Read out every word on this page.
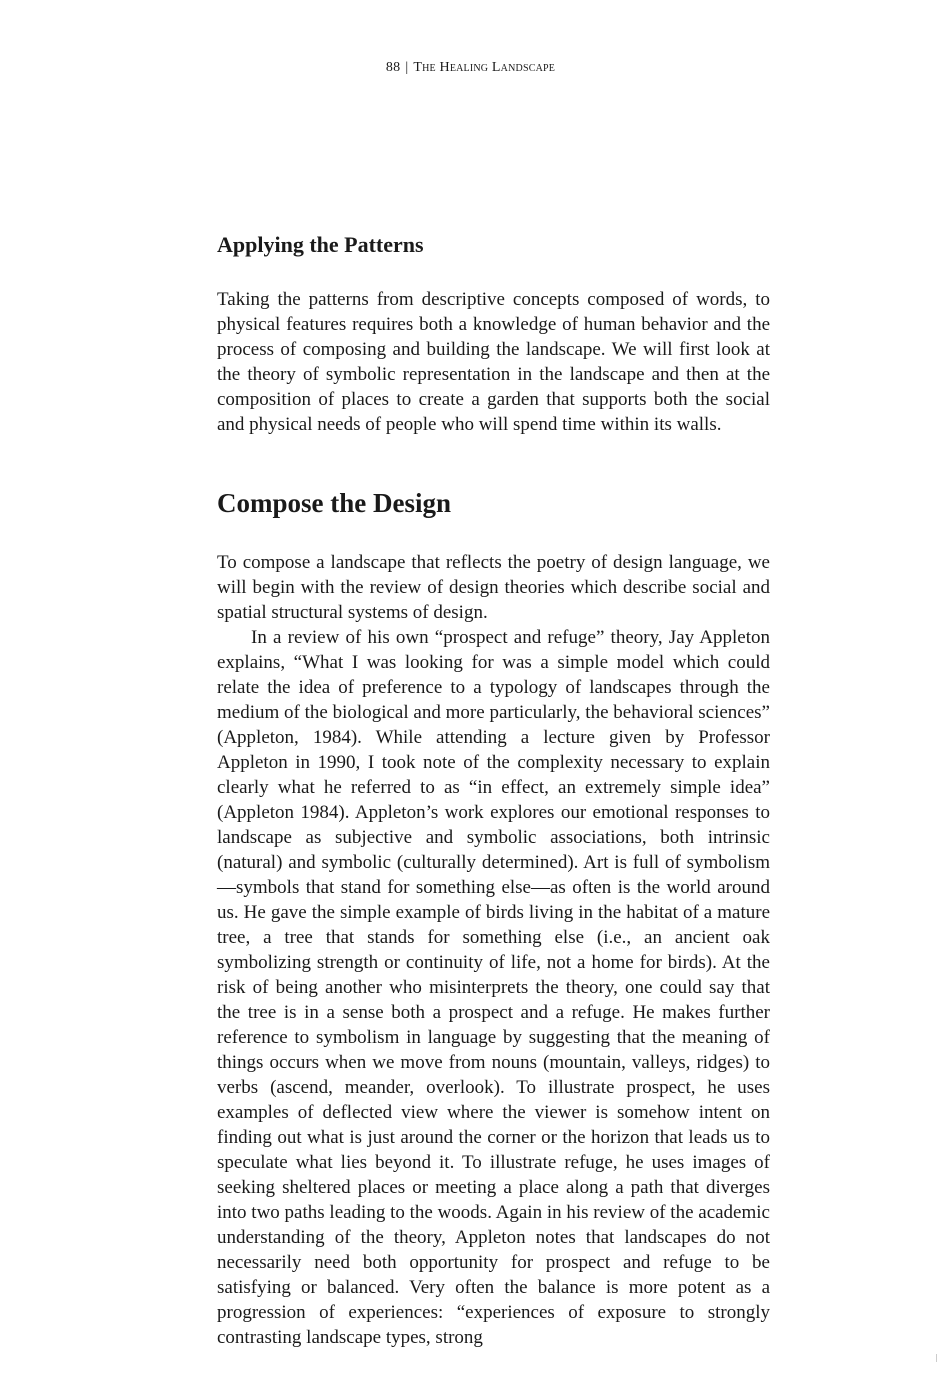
88 | The Healing Landscape
Applying the Patterns

Taking the patterns from descriptive concepts composed of words, to physical features requires both a knowledge of human behavior and the process of composing and building the landscape. We will first look at the theory of symbolic representation in the landscape and then at the composition of places to create a garden that supports both the social and physical needs of people who will spend time within its walls.

Compose the Design

To compose a landscape that reflects the poetry of design language, we will begin with the review of design theories which describe social and spatial structural systems of design.

In a review of his own “prospect and refuge” theory, Jay Appleton explains, “What I was looking for was a simple model which could relate the idea of preference to a typology of landscapes through the medium of the biological and more particularly, the behavioral sciences” (Appleton, 1984). While attending a lecture given by Professor Appleton in 1990, I took note of the complexity necessary to explain clearly what he referred to as “in effect, an extremely simple idea” (Appleton 1984). Appleton’s work explores our emotional responses to landscape as subjective and symbolic associations, both intrinsic (natural) and symbolic (culturally determined). Art is full of symbolism—symbols that stand for something else—as often is the world around us. He gave the simple example of birds living in the habitat of a mature tree, a tree that stands for something else (i.e., an ancient oak symbolizing strength or continuity of life, not a home for birds). At the risk of being another who misinterprets the theory, one could say that the tree is in a sense both a prospect and a refuge. He makes further reference to symbolism in language by suggesting that the meaning of things occurs when we move from nouns (mountain, valleys, ridges) to verbs (ascend, meander, overlook). To illustrate prospect, he uses examples of deflected view where the viewer is somehow intent on finding out what is just around the corner or the horizon that leads us to speculate what lies beyond it. To illustrate refuge, he uses images of seeking sheltered places or meeting a place along a path that diverges into two paths leading to the woods. Again in his review of the academic understanding of the theory, Appleton notes that landscapes do not necessarily need both opportunity for prospect and refuge to be satisfying or balanced. Very often the balance is more potent as a progression of experiences: “experiences of exposure to strongly contrasting landscape types, strong
